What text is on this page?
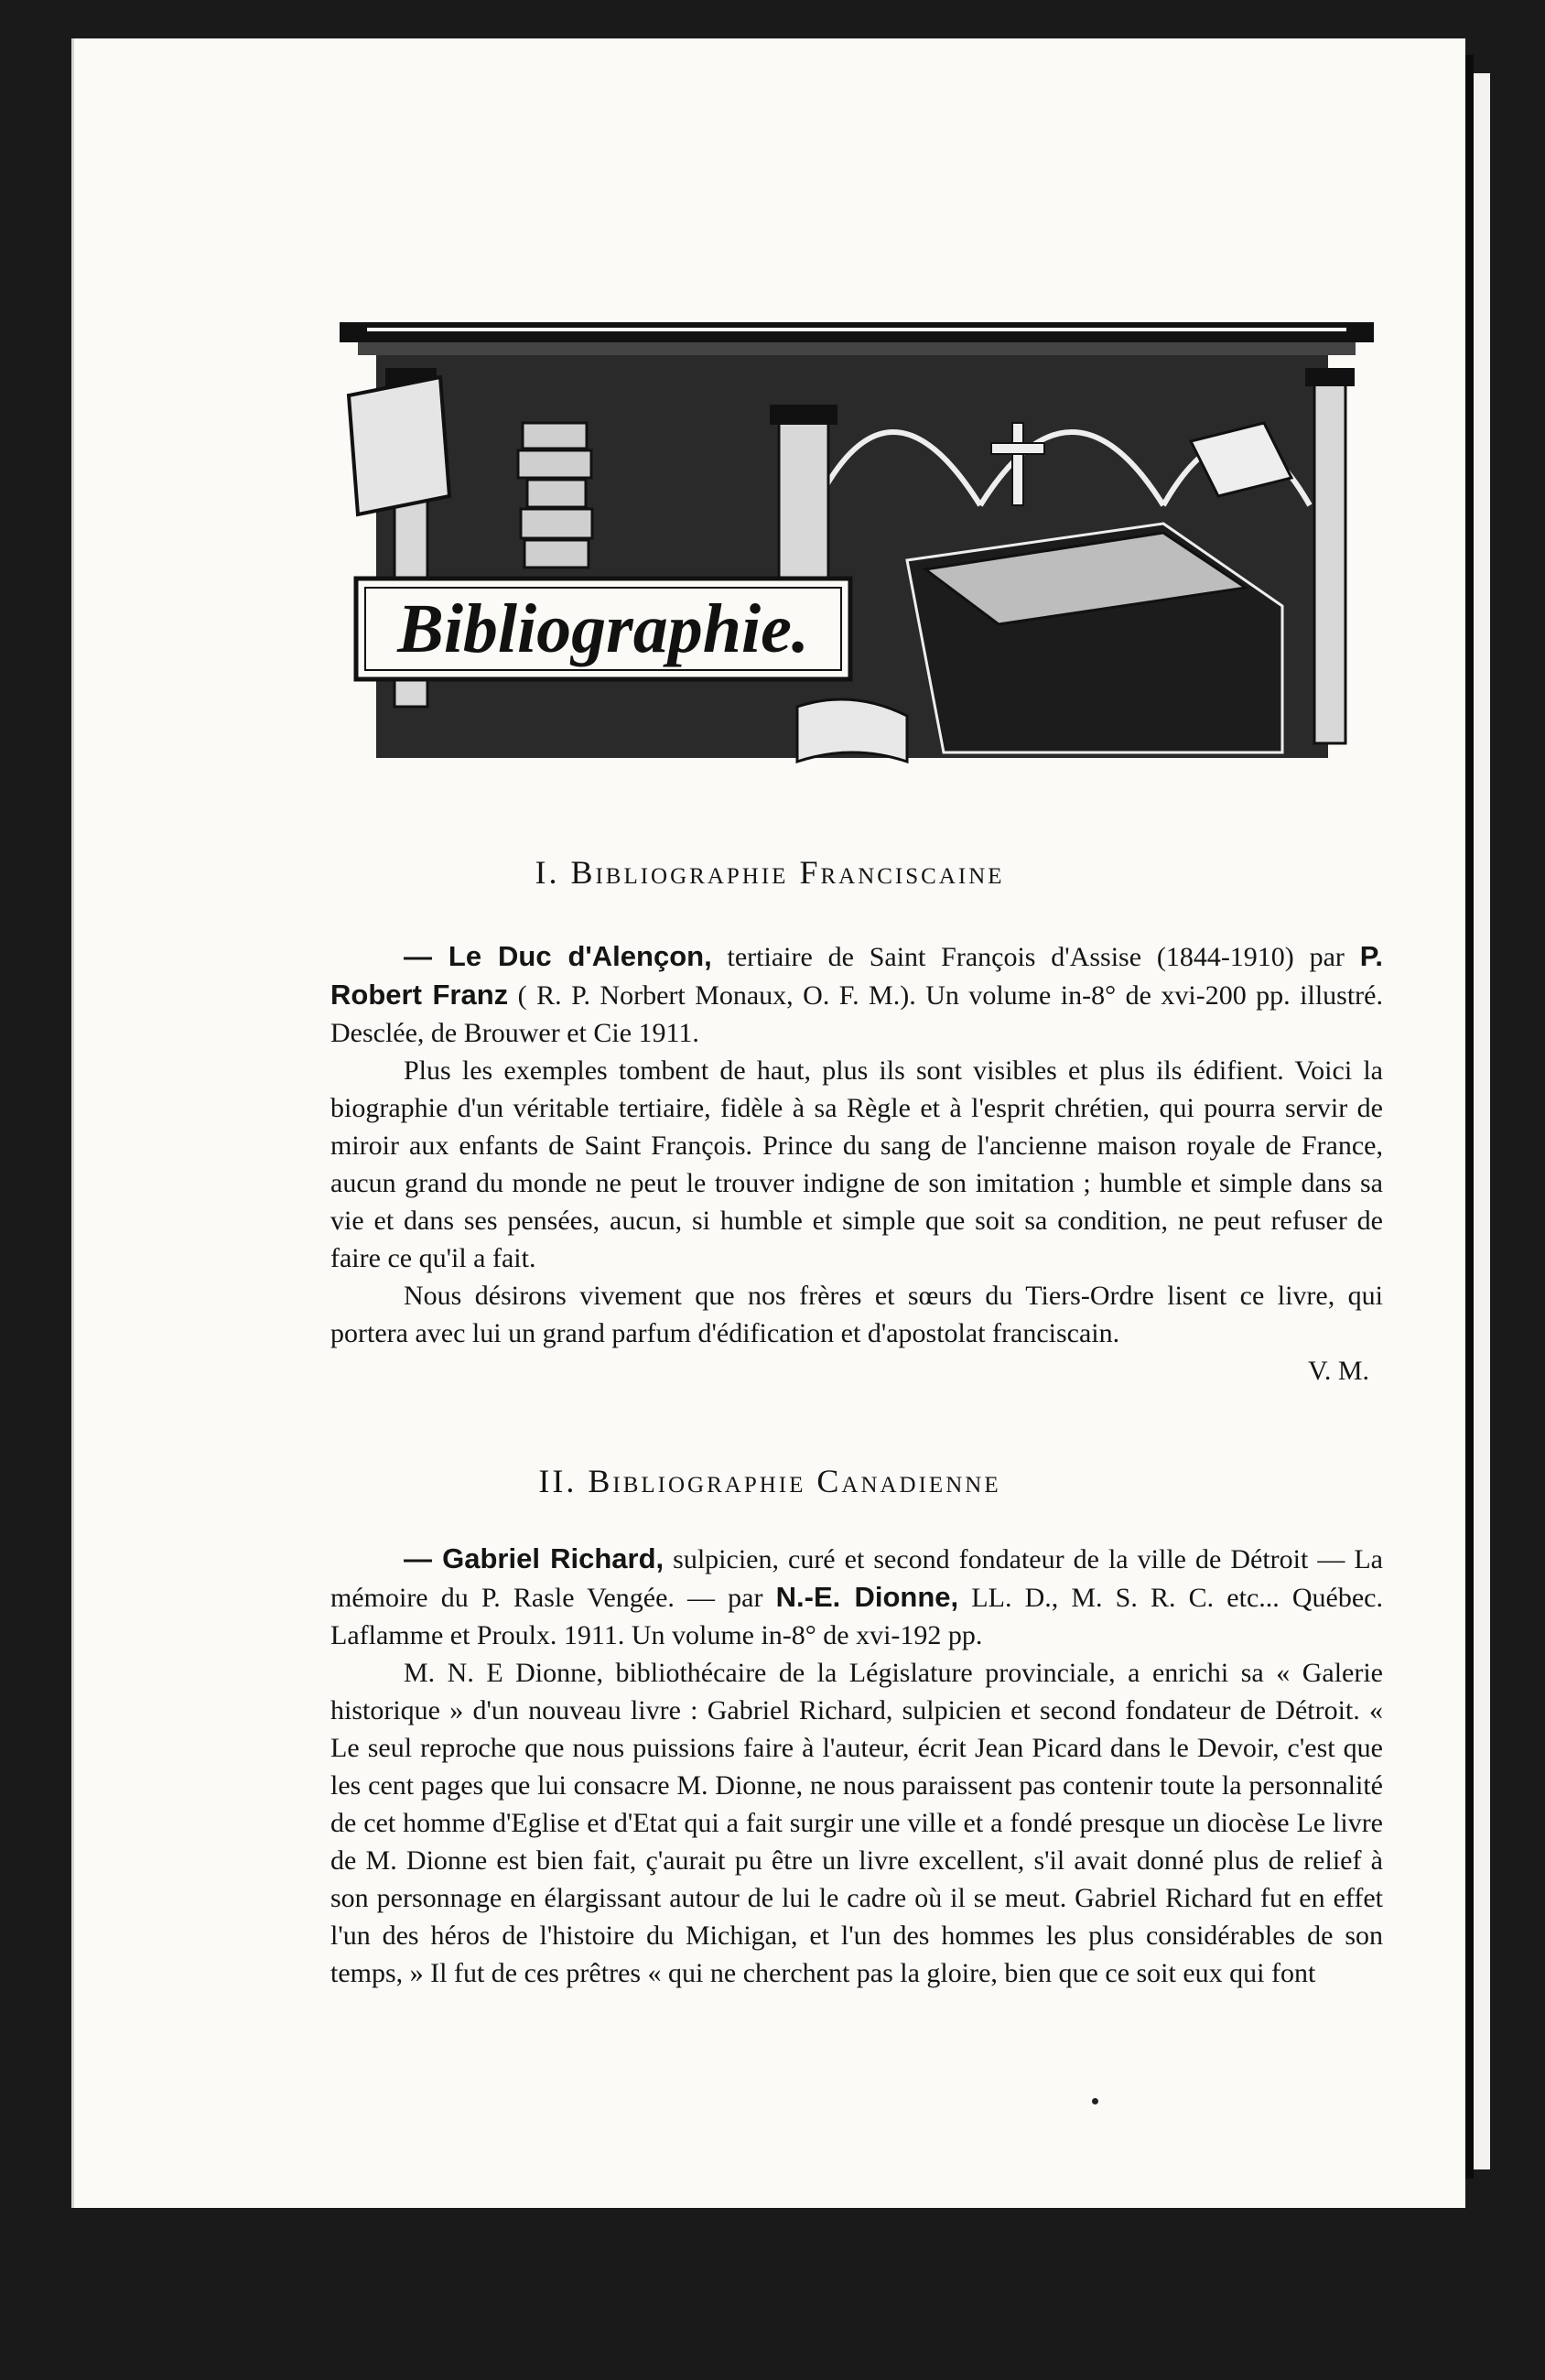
Bibliographie.
I. Bibliographie Franciscaine

— Le Duc d'Alençon, tertiaire de Saint François d'Assise (1844-1910) par P. Robert Franz ( R. P. Norbert Monaux, O. F. M.). Un volume in-8° de xvi-200 pp. illustré. Desclée, de Brouwer et Cie 1911.

Plus les exemples tombent de haut, plus ils sont visibles et plus ils édifient. Voici la biographie d'un véritable tertiaire, fidèle à sa Règle et à l'esprit chrétien, qui pourra servir de miroir aux enfants de Saint François. Prince du sang de l'ancienne maison royale de France, aucun grand du monde ne peut le trouver indigne de son imitation ; humble et simple dans sa vie et dans ses pensées, aucun, si humble et simple que soit sa condition, ne peut refuser de faire ce qu'il a fait.

Nous désirons vivement que nos frères et sœurs du Tiers-Ordre lisent ce livre, qui portera avec lui un grand parfum d'édification et d'apostolat franciscain.

V. M.

II. Bibliographie Canadienne

— Gabriel Richard, sulpicien, curé et second fondateur de la ville de Détroit — La mémoire du P. Rasle Vengée. — par N.-E. Dionne, LL. D., M. S. R. C. etc... Québec. Laflamme et Proulx. 1911. Un volume in-8° de xvi-192 pp.

M. N. E Dionne, bibliothécaire de la Législature provinciale, a enrichi sa « Galerie historique » d'un nouveau livre : Gabriel Richard, sulpicien et second fondateur de Détroit. « Le seul reproche que nous puissions faire à l'auteur, écrit Jean Picard dans le Devoir, c'est que les cent pages que lui consacre M. Dionne, ne nous paraissent pas contenir toute la personnalité de cet homme d'Eglise et d'Etat qui a fait surgir une ville et a fondé presque un diocèse Le livre de M. Dionne est bien fait, ç'aurait pu être un livre excellent, s'il avait donné plus de relief à son personnage en élargissant autour de lui le cadre où il se meut. Gabriel Richard fut en effet l'un des héros de l'histoire du Michigan, et l'un des hommes les plus considérables de son temps, » Il fut de ces prêtres « qui ne cherchent pas la gloire, bien que ce soit eux qui font
